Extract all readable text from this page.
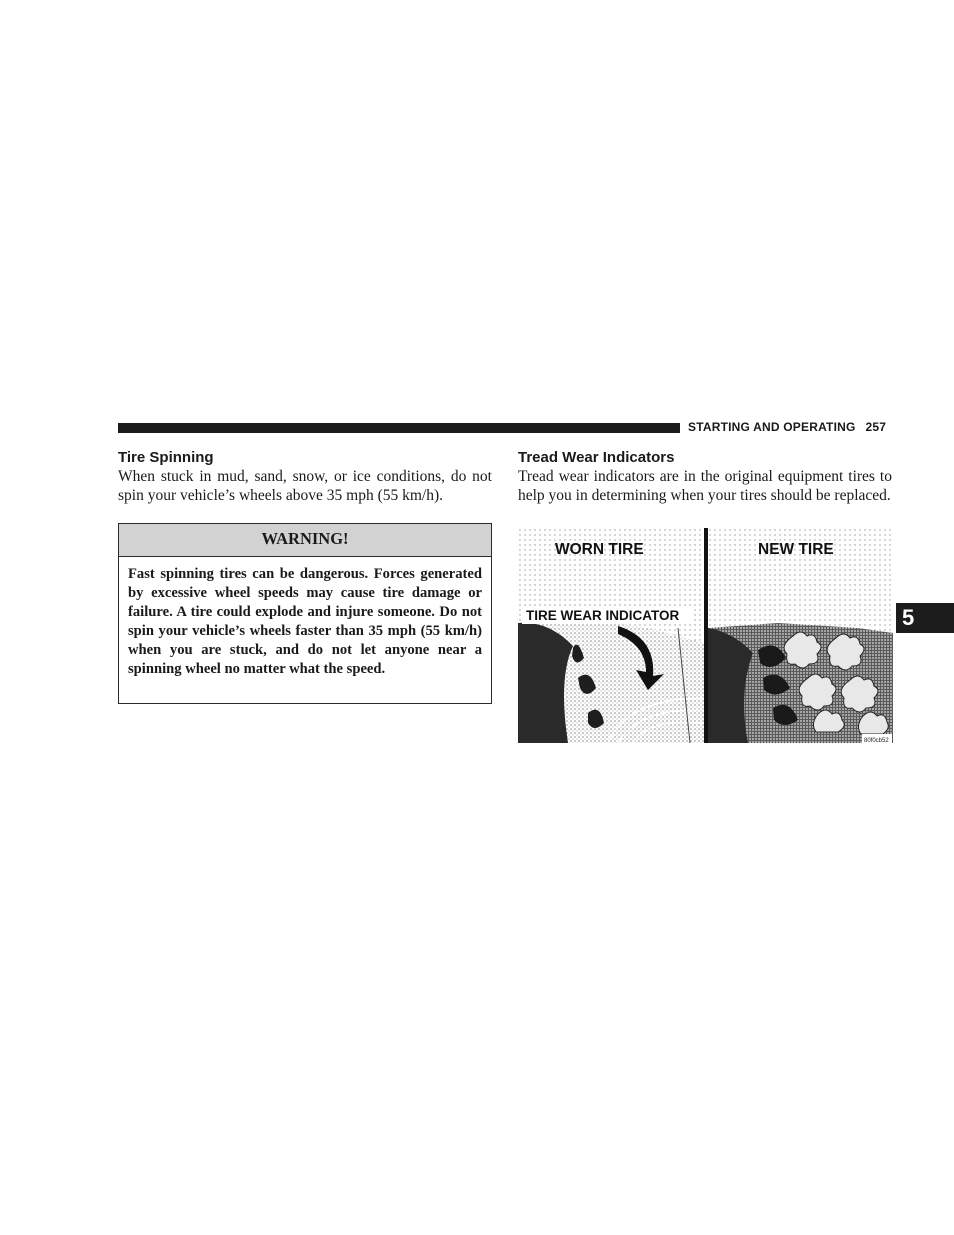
STARTING AND OPERATING 257
5
Tire Spinning
When stuck in mud, sand, snow, or ice conditions, do not spin your vehicle’s wheels above 35 mph (55 km/h).
WARNING!
Fast spinning tires can be dangerous. Forces generated by excessive wheel speeds may cause tire damage or failure. A tire could explode and injure someone. Do not spin your vehicle’s wheels faster than 35 mph (55 km/h) when you are stuck, and do not let anyone near a spinning wheel no matter what the speed.
Tread Wear Indicators
Tread wear indicators are in the original equipment tires to help you in determining when your tires should be replaced.
WORN TIRE	NEW TIRE
TIRE WEAR INDICATOR
80f0cb52
